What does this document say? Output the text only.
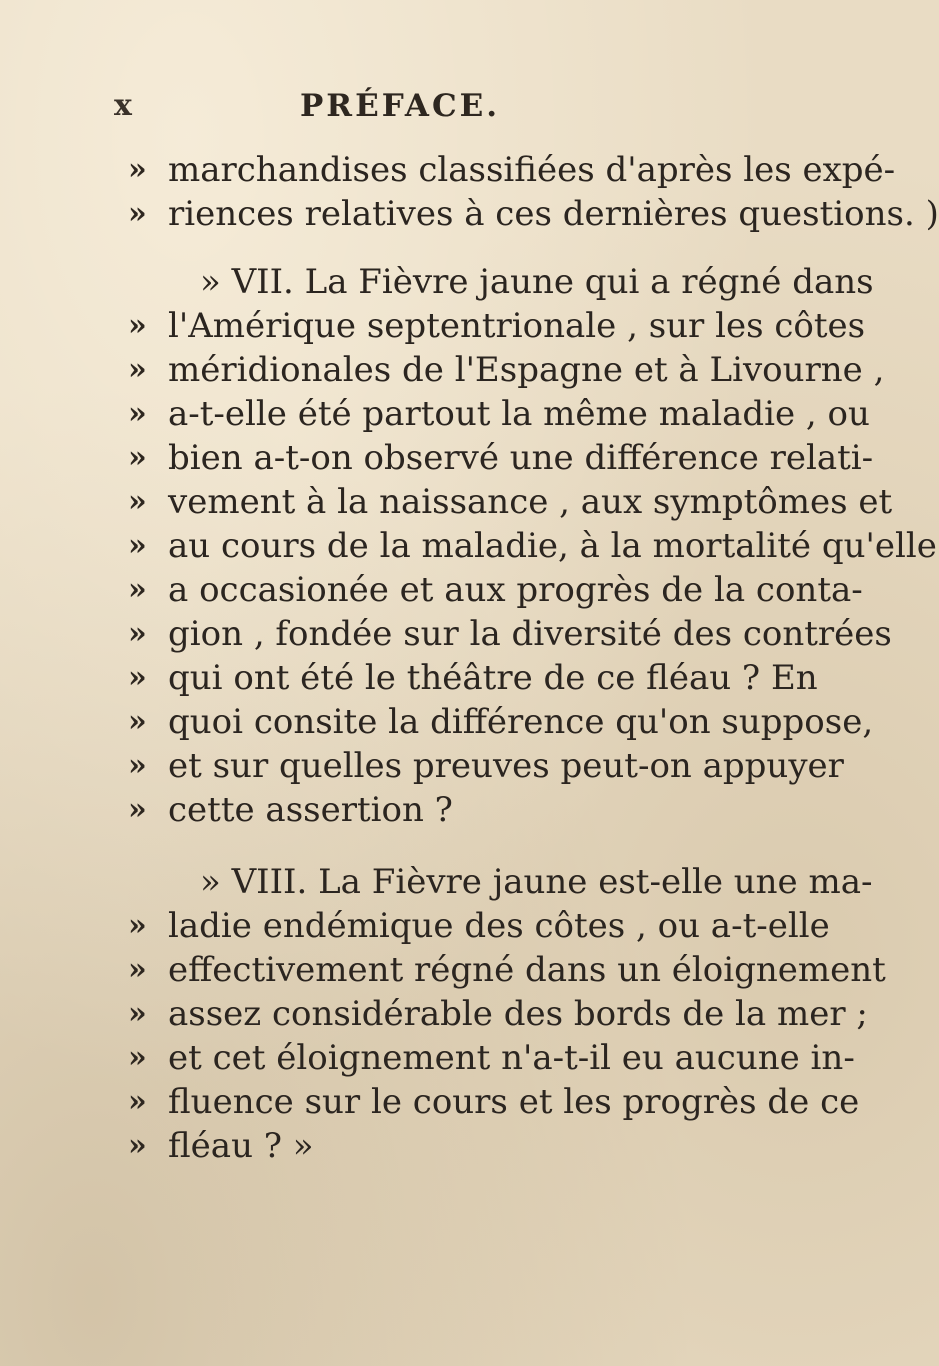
x	PRÉFACE.
» marchandises classifiées d'après les expé-
» riences relatives à ces dernières questions. )
» VII. La Fièvre jaune qui a régné dans
» l'Amérique septentrionale , sur les côtes
» méridionales de l'Espagne et à Livourne ,
» a-t-elle été partout la même maladie , ou
» bien a-t-on observé une différence relati-
» vement à la naissance , aux symptômes et
» au cours de la maladie, à la mortalité qu'elle
» a occasionée et aux progrès de la conta-
» gion , fondée sur la diversité des contrées
» qui ont été le théâtre de ce fléau ? En
» quoi consite la différence qu'on suppose,
» et sur quelles preuves peut-on appuyer
» cette assertion ?
» VIII. La Fièvre jaune est-elle une ma-
» ladie endémique des côtes , ou a-t-elle
» effectivement régné dans un éloignement
» assez considérable des bords de la mer ;
» et cet éloignement n'a-t-il eu aucune in-
» fluence sur le cours et les progrès de ce
» fléau ? »
